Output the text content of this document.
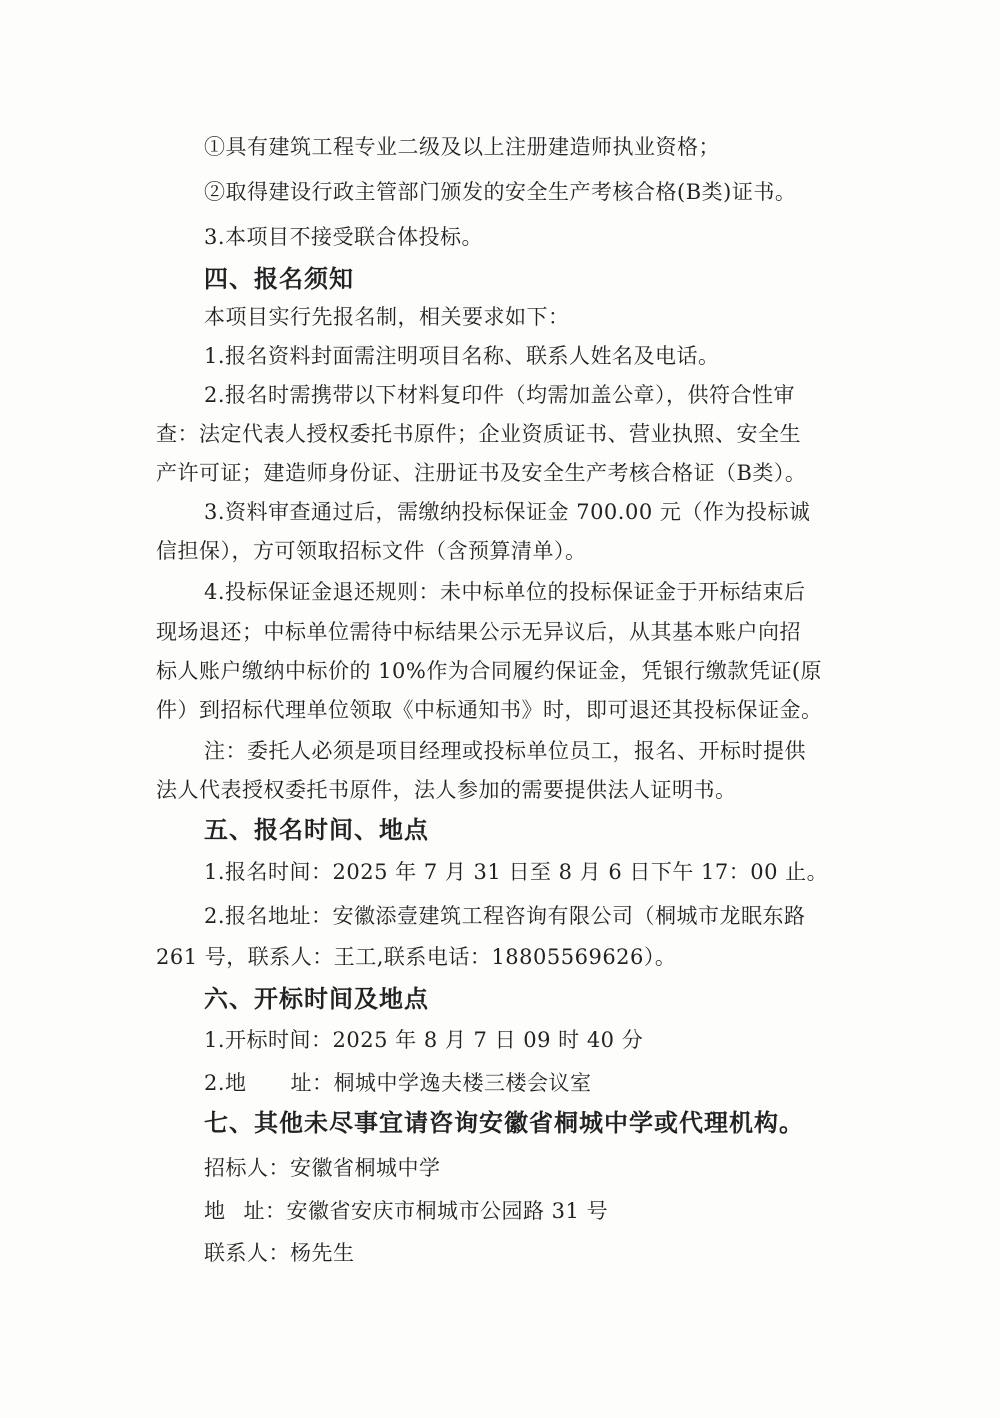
①具有建筑工程专业二级及以上注册建造师执业资格；
②取得建设行政主管部门颁发的安全生产考核合格(B类)证书。
3.本项目不接受联合体投标。
四、报名须知
本项目实行先报名制，相关要求如下：
1.报名资料封面需注明项目名称、联系人姓名及电话。
2.报名时需携带以下材料复印件（均需加盖公章），供符合性审
查：法定代表人授权委托书原件；企业资质证书、营业执照、安全生
产许可证；建造师身份证、注册证书及安全生产考核合格证（B类）。
3.资料审查通过后，需缴纳投标保证金 700.00 元（作为投标诚
信担保），方可领取招标文件（含预算清单）。
4.投标保证金退还规则：未中标单位的投标保证金于开标结束后
现场退还；中标单位需待中标结果公示无异议后，从其基本账户向招
标人账户缴纳中标价的 10%作为合同履约保证金，凭银行缴款凭证(原
件）到招标代理单位领取《中标通知书》时，即可退还其投标保证金。
注：委托人必须是项目经理或投标单位员工，报名、开标时提供
法人代表授权委托书原件，法人参加的需要提供法人证明书。
五、报名时间、地点
1.报名时间：2025 年 7 月 31 日至 8 月 6 日下午 17：00 止。
2.报名地址：安徽添壹建筑工程咨询有限公司（桐城市龙眠东路
261 号，联系人：王工,联系电话：18805569626）。
六、开标时间及地点
1.开标时间：2025 年 8 月 7 日 09 时 40 分
2.地 址：桐城中学逸夫楼三楼会议室
七、其他未尽事宜请咨询安徽省桐城中学或代理机构。
招标人：安徽省桐城中学
地 址：安徽省安庆市桐城市公园路 31 号
联系人：杨先生
